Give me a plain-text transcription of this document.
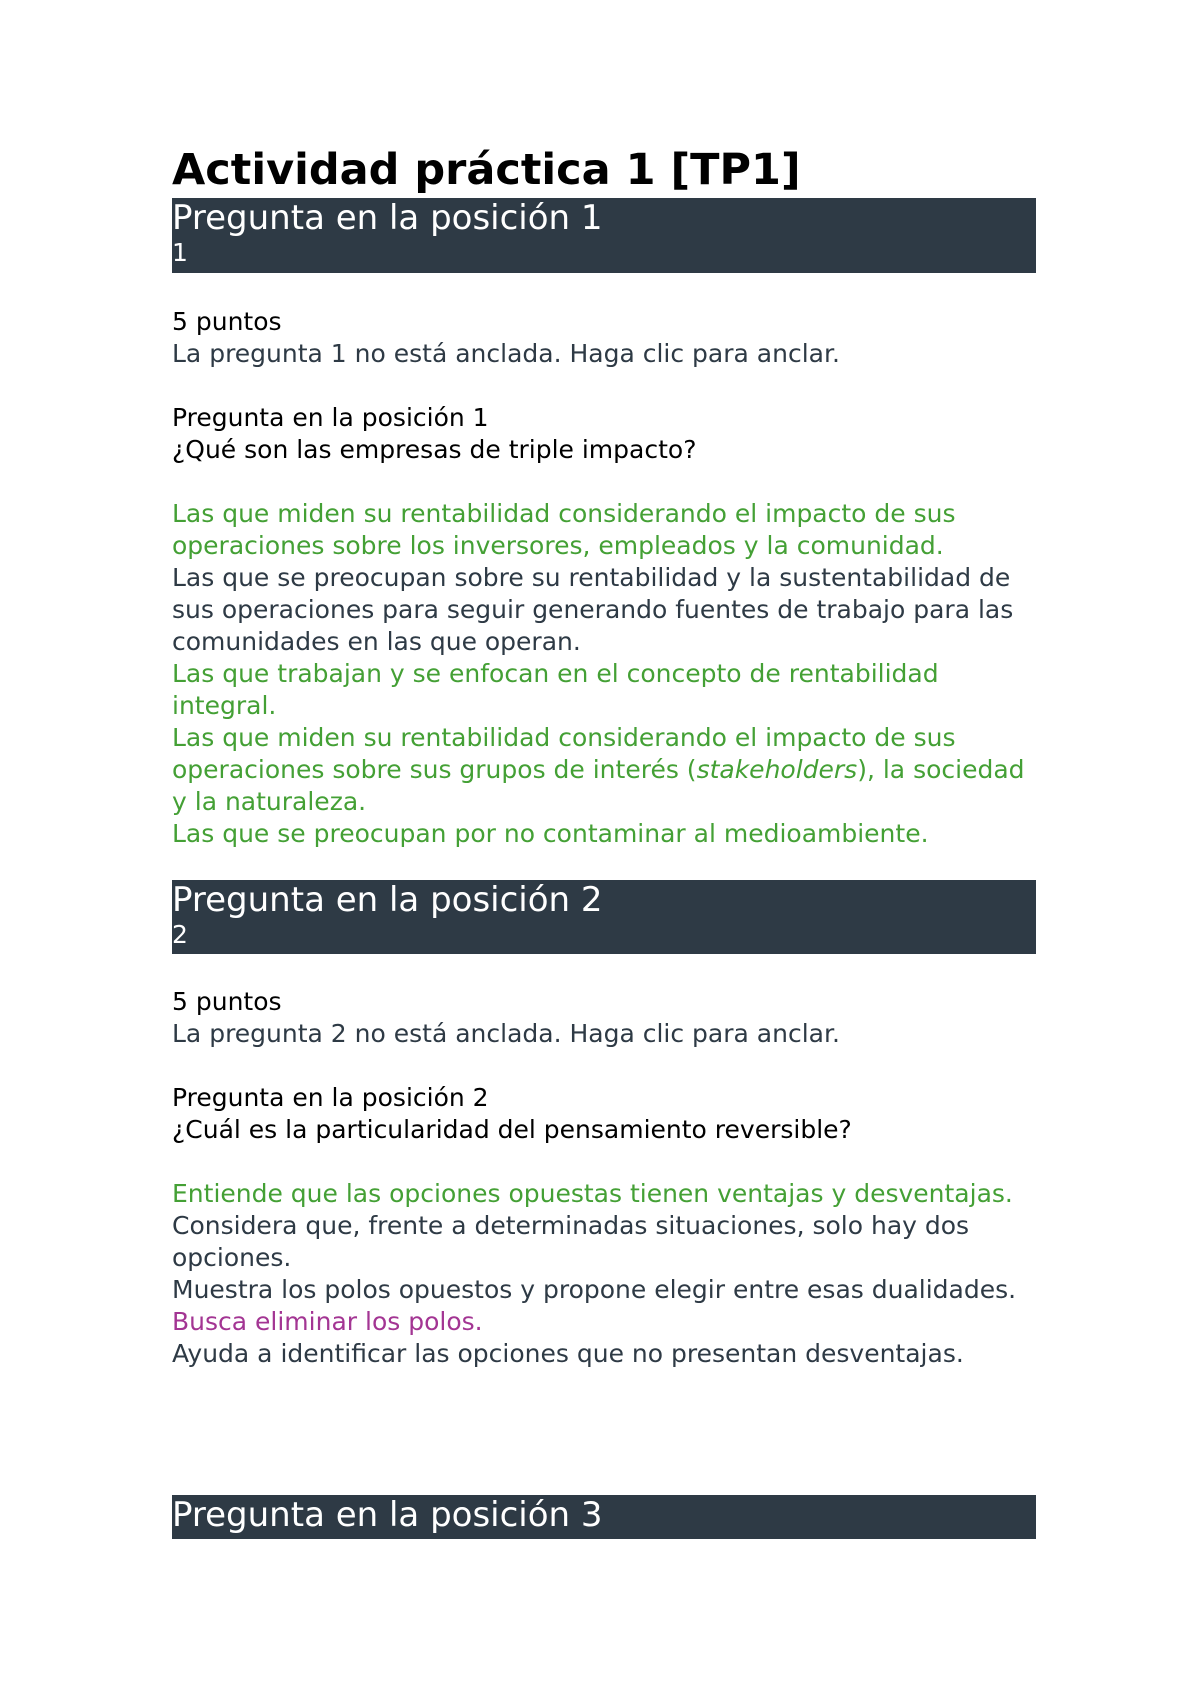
Actividad práctica 1 [TP1]
Pregunta en la posición 1
1
5 puntos
La pregunta 1 no está anclada. Haga clic para anclar.
Pregunta en la posición 1
¿Qué son las empresas de triple impacto?
Las que miden su rentabilidad considerando el impacto de sus operaciones sobre los inversores, empleados y la comunidad.
Las que se preocupan sobre su rentabilidad y la sustentabilidad de sus operaciones para seguir generando fuentes de trabajo para las comunidades en las que operan.
Las que trabajan y se enfocan en el concepto de rentabilidad integral.
Las que miden su rentabilidad considerando el impacto de sus operaciones sobre sus grupos de interés (stakeholders), la sociedad y la naturaleza.
Las que se preocupan por no contaminar al medioambiente.
Pregunta en la posición 2
2
5 puntos
La pregunta 2 no está anclada. Haga clic para anclar.
Pregunta en la posición 2
¿Cuál es la particularidad del pensamiento reversible?
Entiende que las opciones opuestas tienen ventajas y desventajas.
Considera que, frente a determinadas situaciones, solo hay dos opciones.
Muestra los polos opuestos y propone elegir entre esas dualidades.
Busca eliminar los polos.
Ayuda a identificar las opciones que no presentan desventajas.
Pregunta en la posición 3
